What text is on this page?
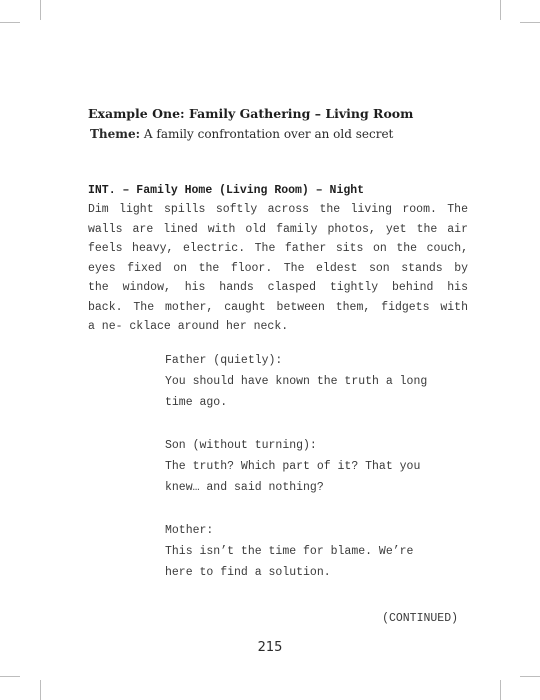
Example One: Family Gathering – Living Room
Theme: A family confrontation over an old secret
INT. – Family Home (Living Room) – Night
Dim light spills softly across the living room. The
walls are lined with old family photos, yet the air
feels heavy, electric. The father sits on the couch,
eyes fixed on the floor. The eldest son stands by
the window, his hands clasped tightly behind his
back. The mother, caught between them, fidgets with
a ne- cklace around her neck.
Father (quietly):
You should have known the truth a long
time ago.
Son (without turning):
The truth? Which part of it? That you
knew… and said nothing?
Mother:
This isn’t the time for blame. We’re
here to find a solution.
(CONTINUED)
215
